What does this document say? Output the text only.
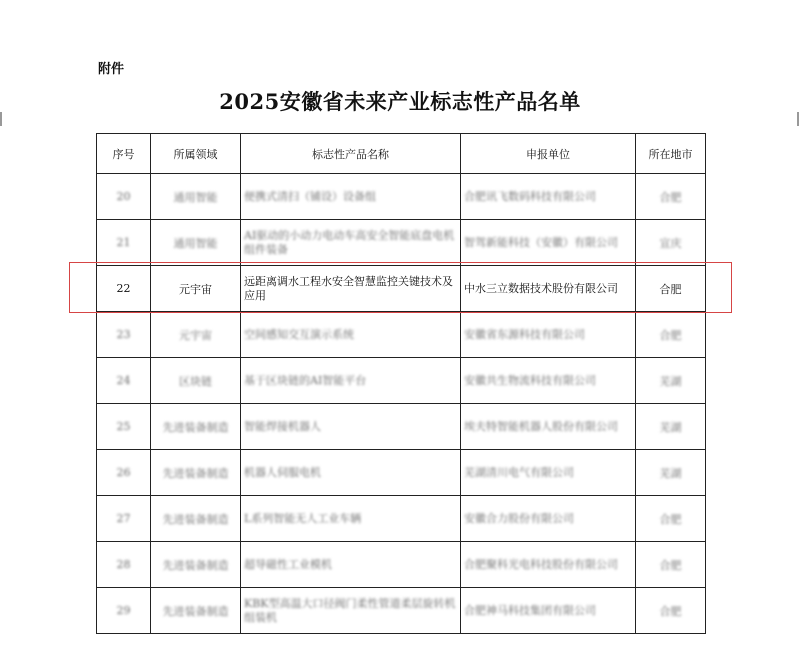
附件
2025安徽省未来产业标志性产品名单
序号	所属领域	标志性产品名称	申报单位	所在地市
20	通用智能	便携式清扫（铺设）设备组	合肥讯飞数码科技有限公司	合肥
21	通用智能	AI驱动的小动力电动车高安全智能底盘电机组件装备	智驾新能科技（安徽）有限公司	宣庆
22	元宇宙	远距离调水工程水安全智慧监控关键技术及应用	中水三立数据技术股份有限公司	合肥
23	元宇宙	空间感知交互演示系统	安徽省东源科技有限公司	合肥
24	区块链	基于区块链的AI智能平台	安徽共生物流科技有限公司	芜湖
25	先进装备制造	智能焊接机器人	埃夫特智能机器人股份有限公司	芜湖
26	先进装备制造	机器人伺服电机	芜湖清川电气有限公司	芜湖
27	先进装备制造	L系列智能无人工业车辆	安徽合力股份有限公司	合肥
28	先进装备制造	超导磁性工业模机	合肥聚科光电科技股份有限公司	合肥
29	先进装备制造	KBK型高温大口径阀门柔性管道柔层旋转机组装机	合肥神马科技集团有限公司	合肥
